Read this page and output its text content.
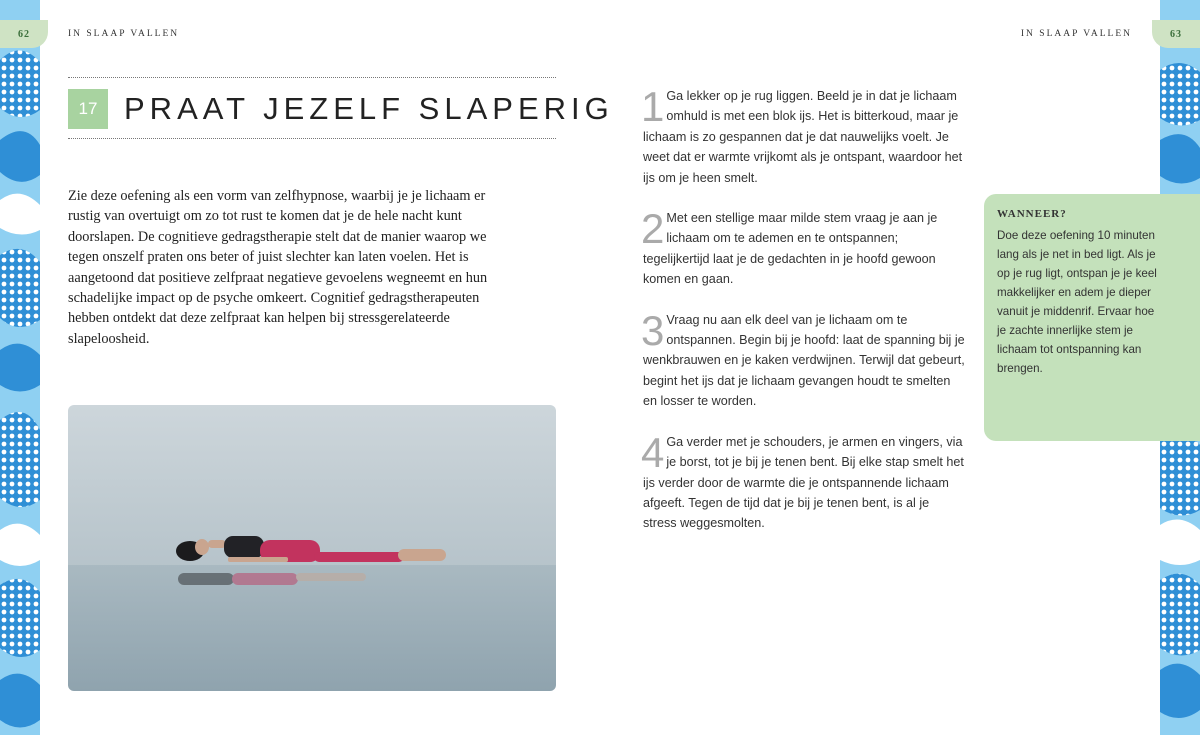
62	63
IN SLAAP VALLEN	IN SLAAP VALLEN
17 PRAAT JEZELF SLAPERIG
Zie deze oefening als een vorm van zelfhypnose, waarbij je je lichaam er rustig van overtuigt om zo tot rust te komen dat je de hele nacht kunt doorslapen. De cognitieve gedragstherapie stelt dat de manier waarop we tegen onszelf praten ons beter of juist slechter kan laten voelen. Het is aangetoond dat positieve zelfpraat negatieve gevoelens wegneemt en hun schadelijke impact op de psyche omkeert. Cognitief gedragstherapeuten hebben ontdekt dat deze zelfpraat kan helpen bij stressgerelateerde slapeloosheid.
1 Ga lekker op je rug liggen. Beeld je in dat je lichaam omhuld is met een blok ijs. Het is bitterkoud, maar je lichaam is zo gespannen dat je dat nauwelijks voelt. Je weet dat er warmte vrijkomt als je ontspant, waardoor het ijs om je heen smelt.

2 Met een stellige maar milde stem vraag je aan je lichaam om te ademen en te ontspannen; tegelijkertijd laat je de gedachten in je hoofd gewoon komen en gaan.

3 Vraag nu aan elk deel van je lichaam om te ontspannen. Begin bij je hoofd: laat de spanning bij je wenkbrauwen en je kaken verdwijnen. Terwijl dat gebeurt, begint het ijs dat je lichaam gevangen houdt te smelten en losser te worden.

4 Ga verder met je schouders, je armen en vingers, via je borst, tot je bij je tenen bent. Bij elke stap smelt het ijs verder door de warmte die je ontspannende lichaam afgeeft. Tegen de tijd dat je bij je tenen bent, is al je stress weggesmolten.

WANNEER?

Doe deze oefening 10 minuten lang als je net in bed ligt. Als je op je rug ligt, ontspan je je keel makkelijker en adem je dieper vanuit je middenrif. Ervaar hoe je zachte innerlijke stem je lichaam tot ontspanning kan brengen.
